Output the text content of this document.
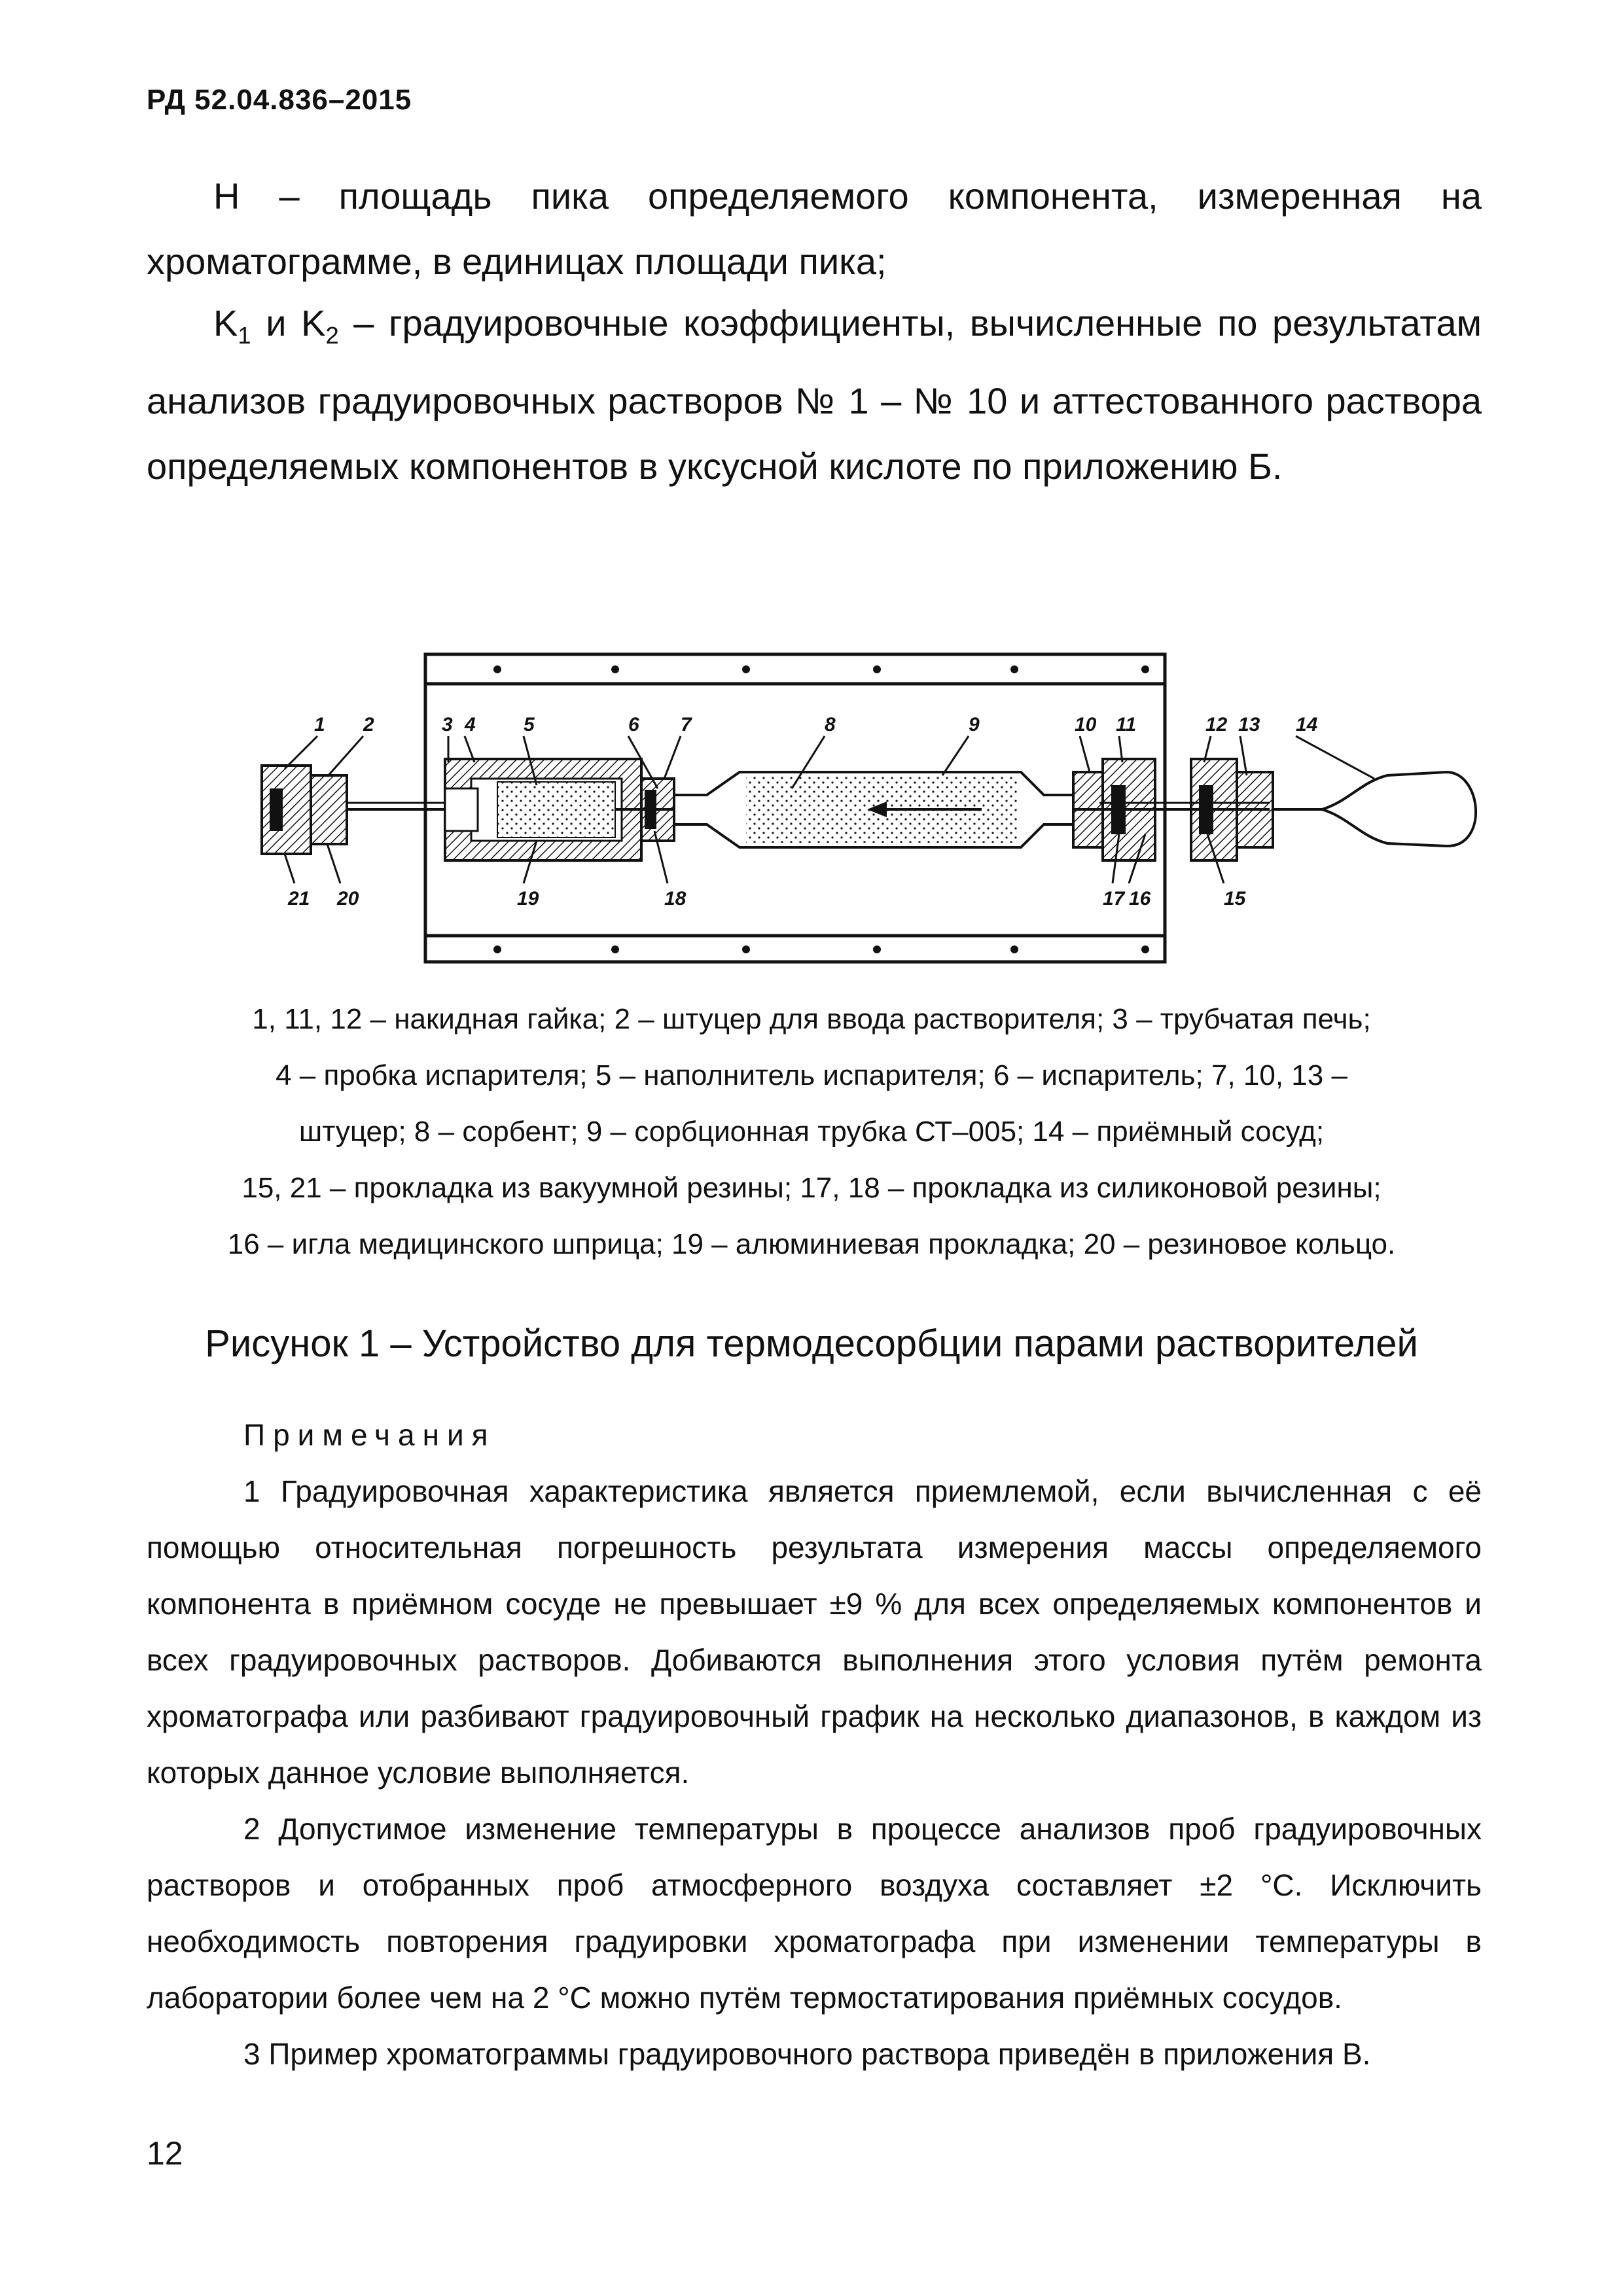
РД 52.04.836–2015
Н – площадь пика определяемого компонента, измеренная на хроматограмме, в единицах площади пика;
$K_1$ и $K_2$ – градуировочные коэффициенты, вычисленные по результатам анализов градуировочных растворов № 1 – № 10 и аттестованного раствора определяемых компонентов в уксусной кислоте по приложению Б.
1 2	3 4 5	6 7	8	9	10 11	12 13 14
21 20	19	18	17 16	15
1, 11, 12 – накидная гайка; 2 – штуцер для ввода растворителя; 3 – трубчатая печь;
4 – пробка испарителя; 5 – наполнитель испарителя; 6 – испаритель; 7, 10, 13 –
штуцер; 8 – сорбент; 9 – сорбционная трубка СТ–005; 14 – приёмный сосуд;
15, 21 – прокладка из вакуумной резины; 17, 18 – прокладка из силиконовой резины;
16 – игла медицинского шприца; 19 – алюминиевая прокладка; 20 – резиновое кольцо.
Рисунок 1 – Устройство для термодесорбции парами растворителей
Примечания
1 Градуировочная характеристика является приемлемой, если вычисленная с её помощью относительная погрешность результата измерения массы определяемого компонента в приёмном сосуде не превышает ±9 % для всех определяемых компонентов и всех градуировочных растворов. Добиваются выполнения этого условия путём ремонта хроматографа или разбивают градуировочный график на несколько диапазонов, в каждом из которых данное условие выполняется.
2 Допустимое изменение температуры в процессе анализов проб градуировочных растворов и отобранных проб атмосферного воздуха составляет ±2 °С. Исключить необходимость повторения градуировки хроматографа при изменении температуры в лаборатории более чем на 2 °С можно путём термостатирования приёмных сосудов.
3 Пример хроматограммы градуировочного раствора приведён в приложения В.
12
